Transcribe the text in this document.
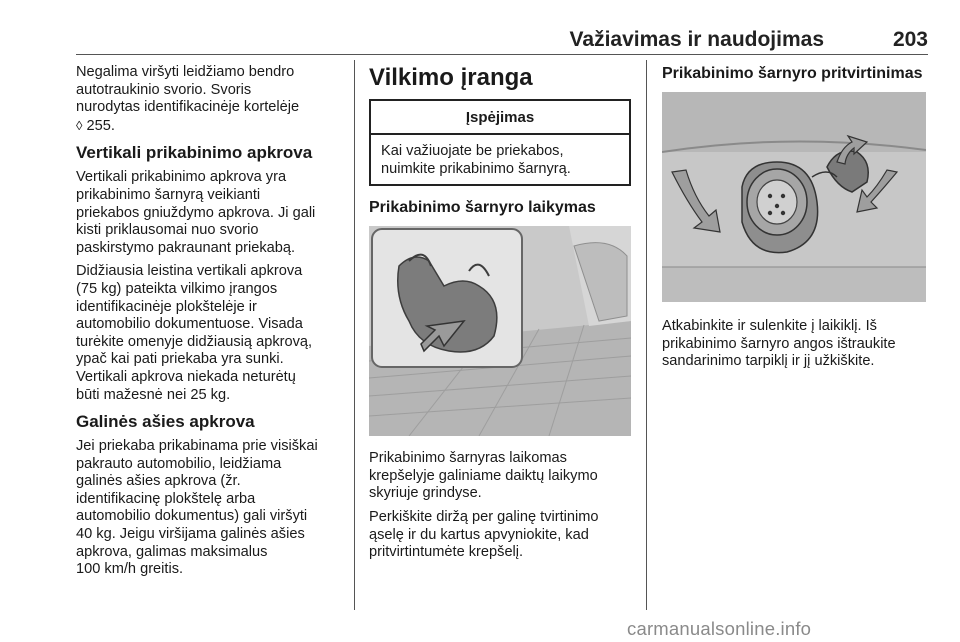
Važiavimas ir naudojimas	203

Negalima viršyti leidžiamo bendro
autotraukinio svorio. Svoris
nurodytas identifikacinėje kortelėje
◊ 255.

Vertikali prikabinimo apkrova

Vertikali prikabinimo apkrova yra
prikabinimo šarnyrą veikianti
priekabos gniuždymo apkrova. Ji gali
kisti priklausomai nuo svorio
paskirstymo pakraunant priekabą.

Didžiausia leistina vertikali apkrova
(75 kg) pateikta vilkimo įrangos
identifikacinėje plokštelėje ir
automobilio dokumentuose. Visada
turėkite omenyje didžiausią apkrovą,
ypač kai pati priekaba yra sunki.
Vertikali apkrova niekada neturėtų
būti mažesnė nei 25 kg.

Galinės ašies apkrova

Jei priekaba prikabinama prie visiškai
pakrauto automobilio, leidžiama
galinės ašies apkrova (žr.
identifikacinę plokštelę arba
automobilio dokumentus) gali viršyti
40 kg. Jeigu viršijama galinės ašies
apkrova, galimas maksimalus
100 km/h greitis.

Vilkimo įranga
Įspėjimas

Kai važiuojate be priekabos,
nuimkite prikabinimo šarnyrą.

Prikabinimo šarnyro laikymas

Prikabinimo šarnyras laikomas
krepšelyje galiniame daiktų laikymo
skyriuje grindyse.

Perkiškite diržą per galinę tvirtinimo
ąselę ir du kartus apvyniokite, kad
pritvirtintumėte krepšelį.

Prikabinimo šarnyro pritvirtinimas

Atkabinkite ir sulenkite į laikiklį. Iš
prikabinimo šarnyro angos ištraukite
sandarinimo tarpiklį ir jį užkiškite.

carmanualsonline.info
